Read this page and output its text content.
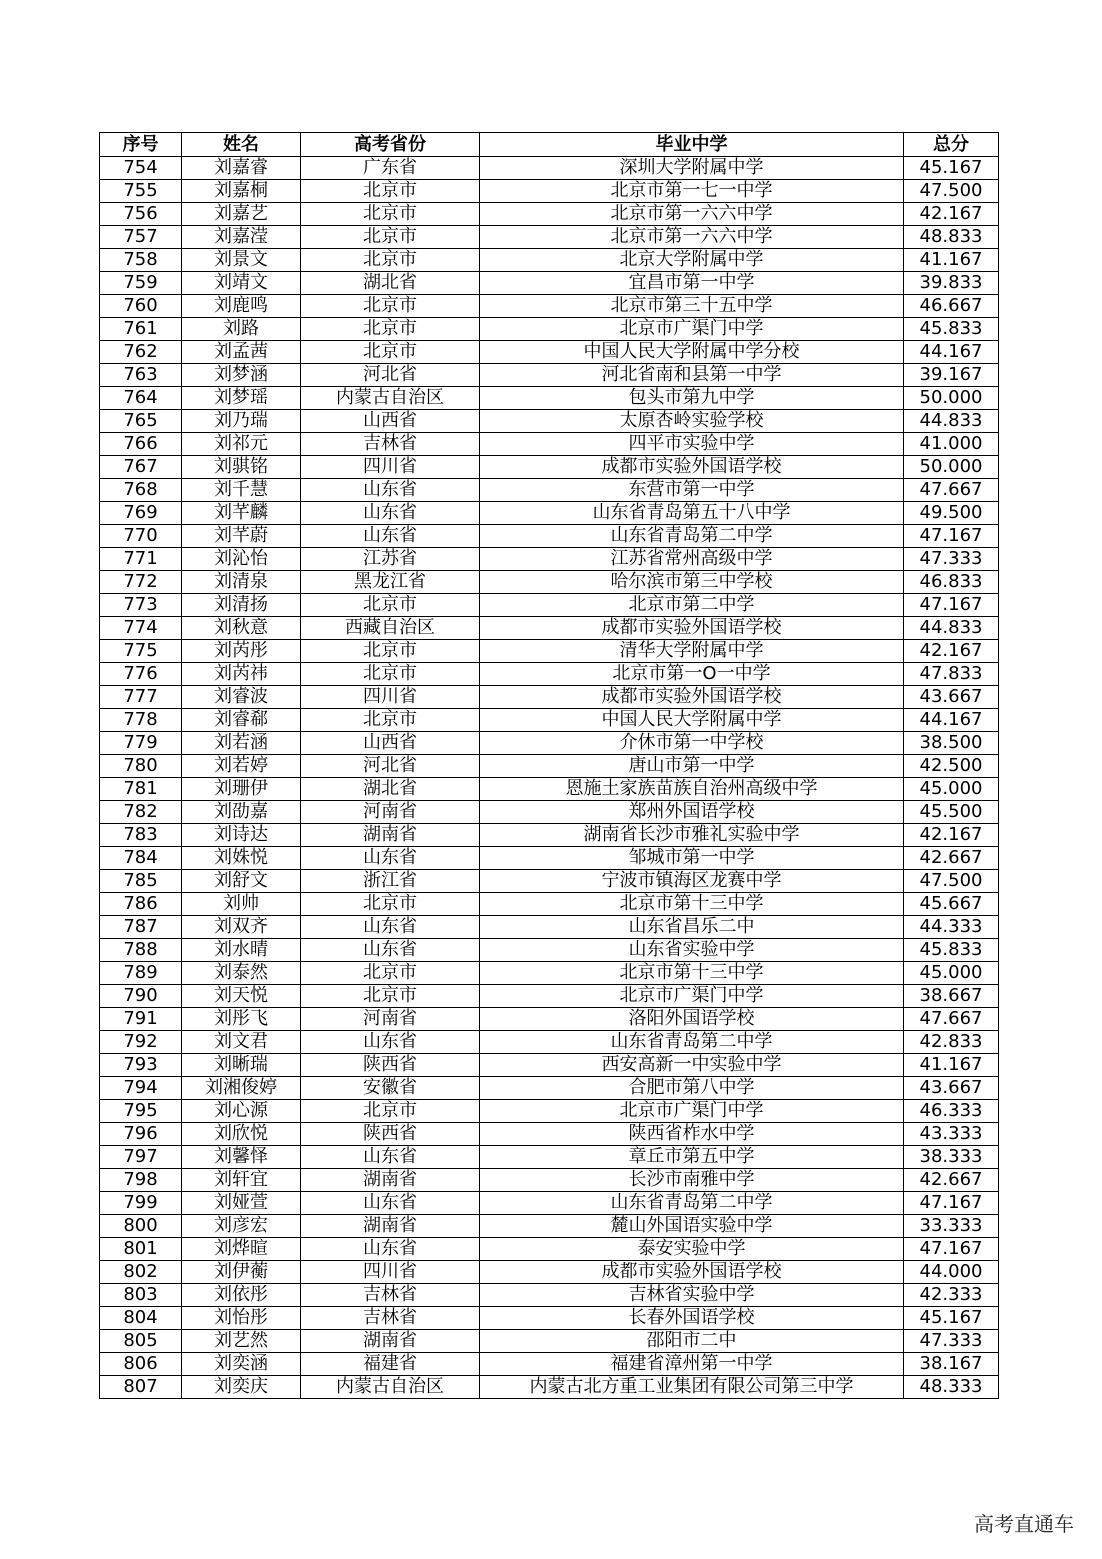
序号	姓名	高考省份	毕业中学	总分
754	刘嘉睿	广东省	深圳大学附属中学	45.167
755	刘嘉桐	北京市	北京市第一七一中学	47.500
756	刘嘉艺	北京市	北京市第一六六中学	42.167
757	刘嘉滢	北京市	北京市第一六六中学	48.833
758	刘景文	北京市	北京大学附属中学	41.167
759	刘靖文	湖北省	宜昌市第一中学	39.833
760	刘鹿鸣	北京市	北京市第三十五中学	46.667
761	刘路	北京市	北京市广渠门中学	45.833
762	刘孟茜	北京市	中国人民大学附属中学分校	44.167
763	刘梦涵	河北省	河北省南和县第一中学	39.167
764	刘梦瑶	内蒙古自治区	包头市第九中学	50.000
765	刘乃瑞	山西省	太原杏岭实验学校	44.833
766	刘祁元	吉林省	四平市实验中学	41.000
767	刘骐铭	四川省	成都市实验外国语学校	50.000
768	刘千慧	山东省	东营市第一中学	47.667
769	刘芊麟	山东省	山东省青岛第五十八中学	49.500
770	刘芊蔚	山东省	山东省青岛第二中学	47.167
771	刘沁怡	江苏省	江苏省常州高级中学	47.333
772	刘清泉	黑龙江省	哈尔滨市第三中学校	46.833
773	刘清扬	北京市	北京市第二中学	47.167
774	刘秋意	西藏自治区	成都市实验外国语学校	44.833
775	刘芮彤	北京市	清华大学附属中学	42.167
776	刘芮祎	北京市	北京市第一O一中学	47.833
777	刘睿波	四川省	成都市实验外国语学校	43.667
778	刘睿郗	北京市	中国人民大学附属中学	44.167
779	刘若涵	山西省	介休市第一中学校	38.500
780	刘若婷	河北省	唐山市第一中学	42.500
781	刘珊伊	湖北省	恩施土家族苗族自治州高级中学	45.000
782	刘劭嘉	河南省	郑州外国语学校	45.500
783	刘诗达	湖南省	湖南省长沙市雅礼实验中学	42.167
784	刘姝悦	山东省	邹城市第一中学	42.667
785	刘舒文	浙江省	宁波市镇海区龙赛中学	47.500
786	刘帅	北京市	北京市第十三中学	45.667
787	刘双齐	山东省	山东省昌乐二中	44.333
788	刘水晴	山东省	山东省实验中学	45.833
789	刘泰然	北京市	北京市第十三中学	45.000
790	刘天悦	北京市	北京市广渠门中学	38.667
791	刘彤飞	河南省	洛阳外国语学校	47.667
792	刘文君	山东省	山东省青岛第二中学	42.833
793	刘晰瑞	陕西省	西安高新一中实验中学	41.167
794	刘湘俊婷	安徽省	合肥市第八中学	43.667
795	刘心源	北京市	北京市广渠门中学	46.333
796	刘欣悦	陕西省	陕西省柞水中学	43.333
797	刘馨怿	山东省	章丘市第五中学	38.333
798	刘轩宜	湖南省	长沙市南雅中学	42.667
799	刘娅萱	山东省	山东省青岛第二中学	47.167
800	刘彦宏	湖南省	麓山外国语实验中学	33.333
801	刘烨暄	山东省	泰安实验中学	47.167
802	刘伊蘅	四川省	成都市实验外国语学校	44.000
803	刘依彤	吉林省	吉林省实验中学	42.333
804	刘怡彤	吉林省	长春外国语学校	45.167
805	刘艺然	湖南省	邵阳市二中	47.333
806	刘奕涵	福建省	福建省漳州第一中学	38.167
807	刘奕庆	内蒙古自治区	内蒙古北方重工业集团有限公司第三中学	48.333
高考直通车
